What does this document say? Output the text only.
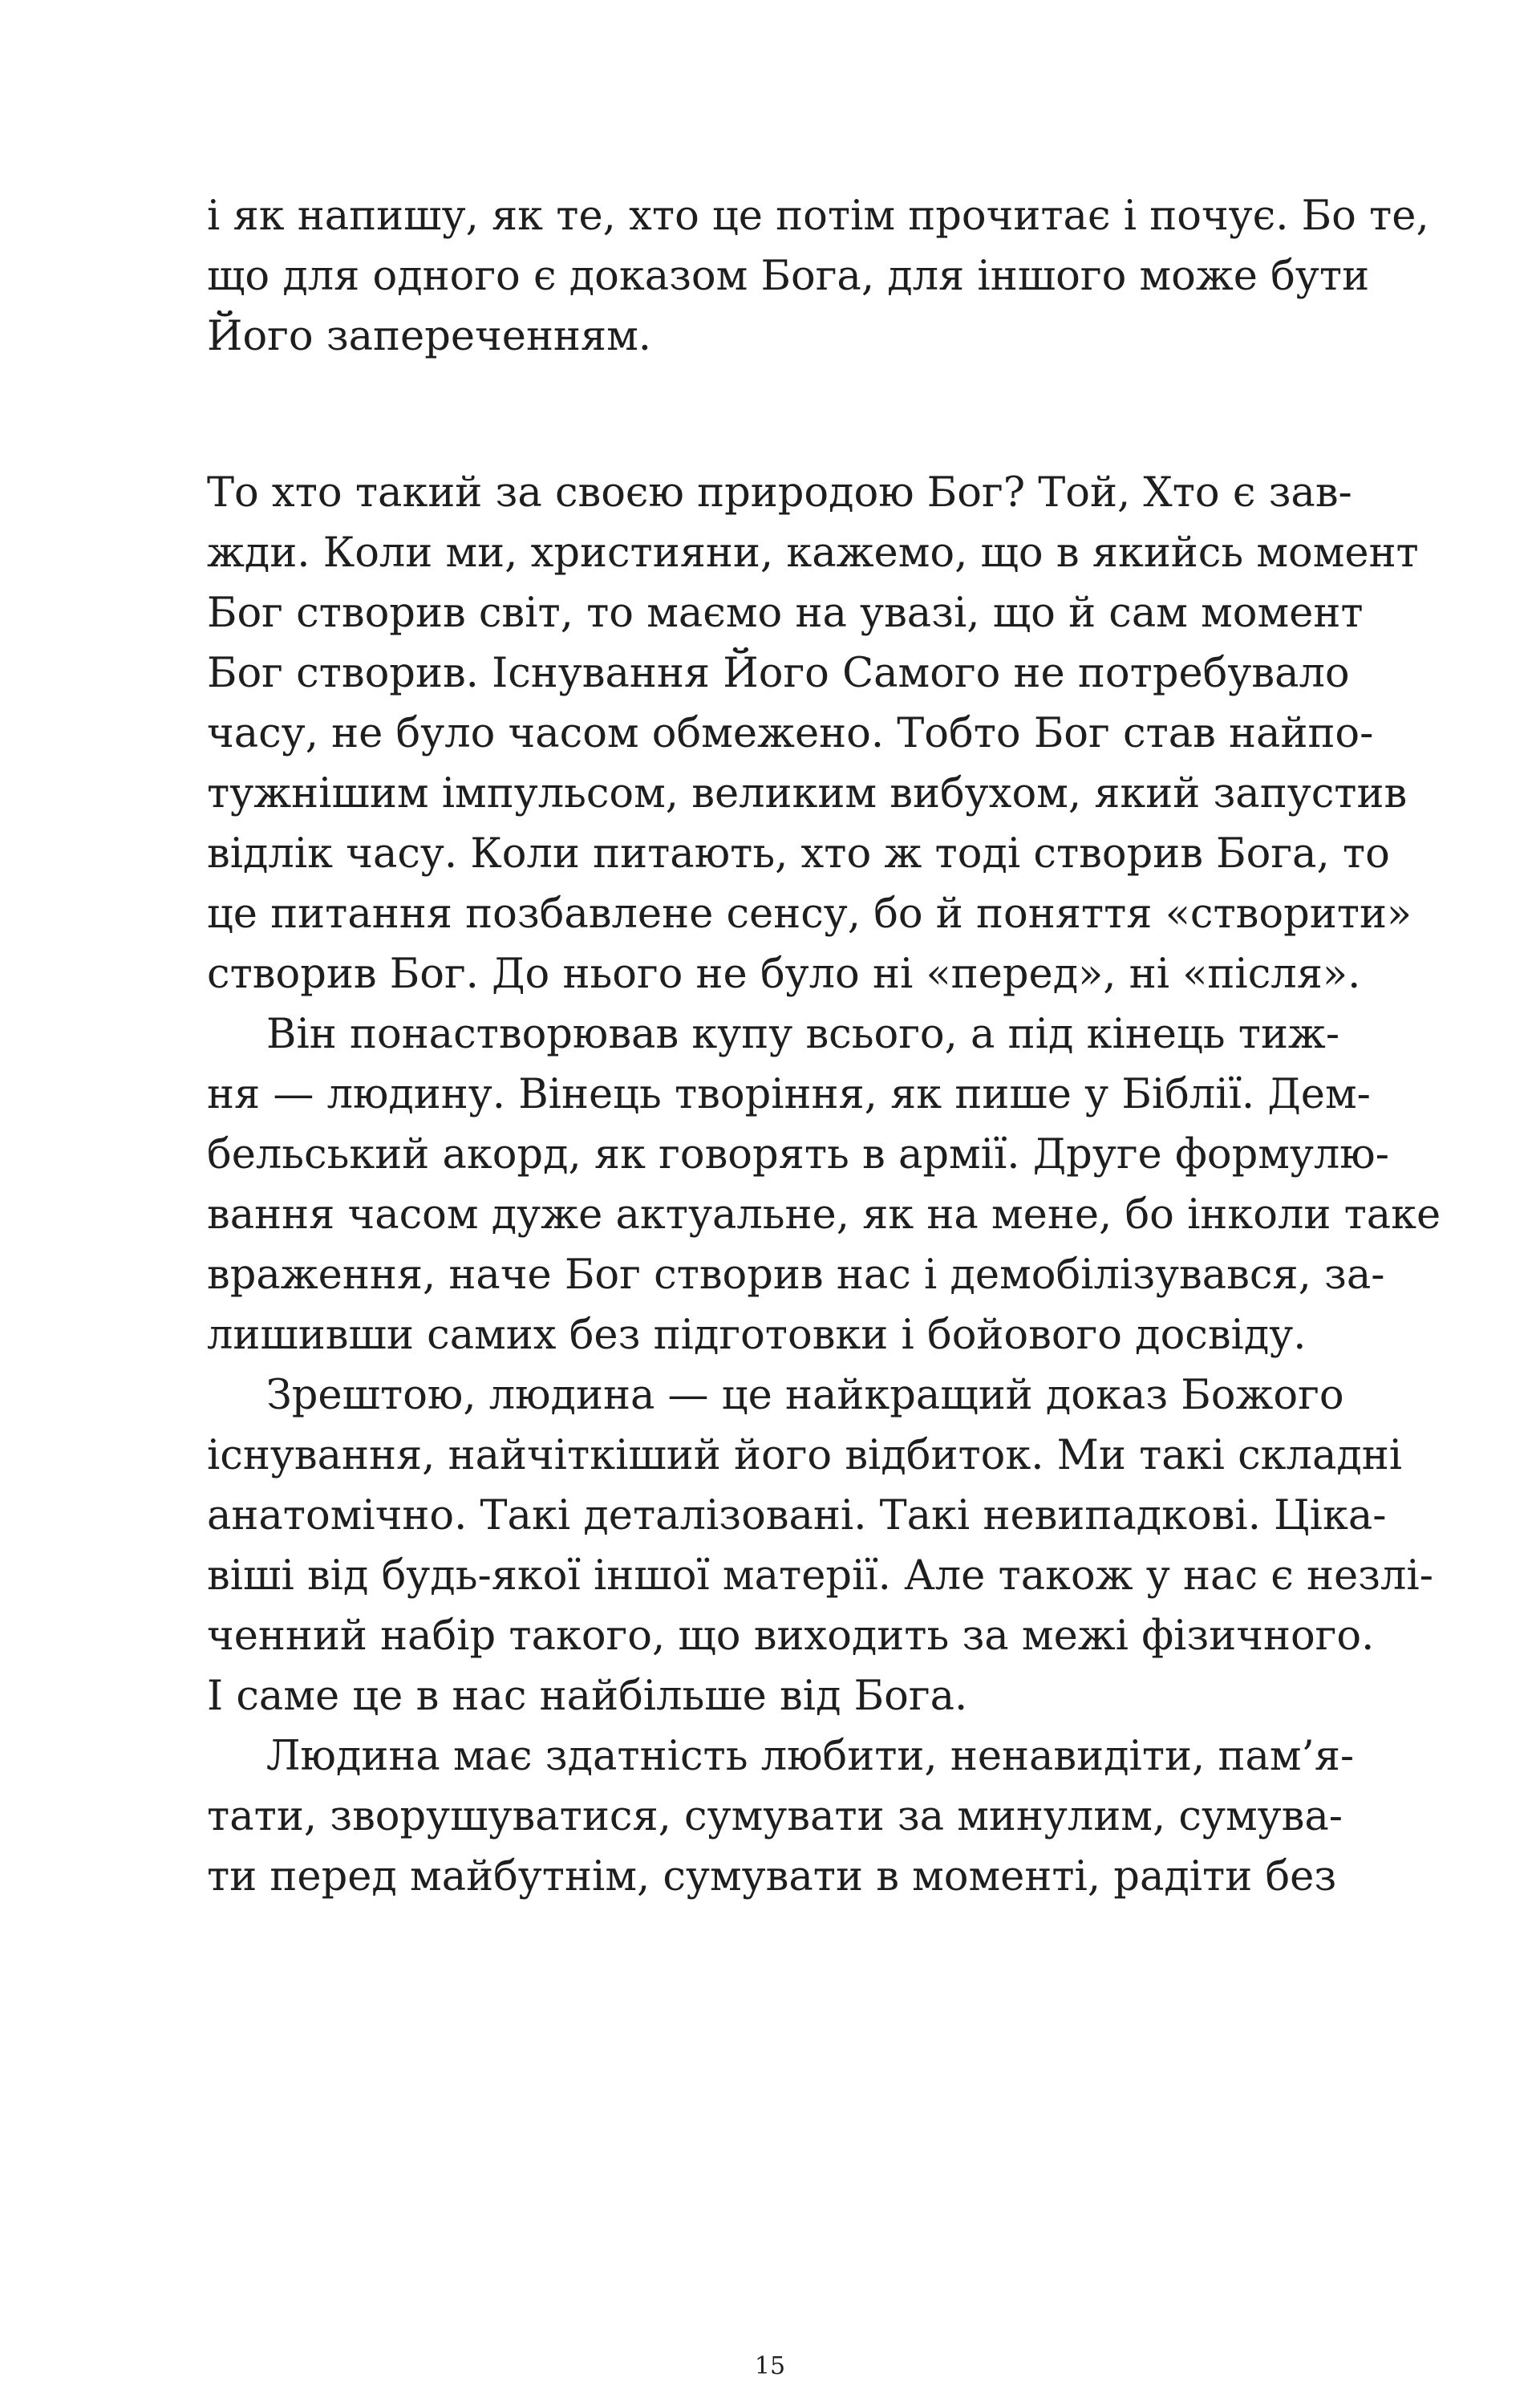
і як напишу, як те, хто це потім прочитає і почує. Бо те,
що для одного є доказом Бога, для іншого може бути
Його запереченням.
То хто такий за своєю природою Бог? Той, Хто є зав-
жди. Коли ми, християни, кажемо, що в якийсь момент
Бог створив світ, то маємо на увазі, що й сам момент
Бог створив. Існування Його Самого не потребувало
часу, не було часом обмежено. Тобто Бог став найпо-
тужнішим імпульсом, великим вибухом, який запустив
відлік часу. Коли питають, хто ж тоді створив Бога, то
це питання позбавлене сенсу, бо й поняття «створити»
створив Бог. До нього не було ні «перед», ні «після».
Він понастворював купу всього, а під кінець тиж-
ня — людину. Вінець творіння, як пише у Біблії. Дем-
бельський акорд, як говорять в армії. Друге формулю-
вання часом дуже актуальне, як на мене, бо інколи таке
враження, наче Бог створив нас і демобілізувався, за-
лишивши самих без підготовки і бойового досвіду.
Зрештою, людина — це найкращий доказ Божого
існування, найчіткіший його відбиток. Ми такі складні
анатомічно. Такі деталізовані. Такі невипадкові. Ціка-
віші від будь-якої іншої матерії. Але також у нас є незлі-
ченний набір такого, що виходить за межі фізичного.
І саме це в нас найбільше від Бога.
Людина має здатність любити, ненавидіти, пам’я-
тати, зворушуватися, сумувати за минулим, сумува-
ти перед майбутнім, сумувати в моменті, радіти без
15
